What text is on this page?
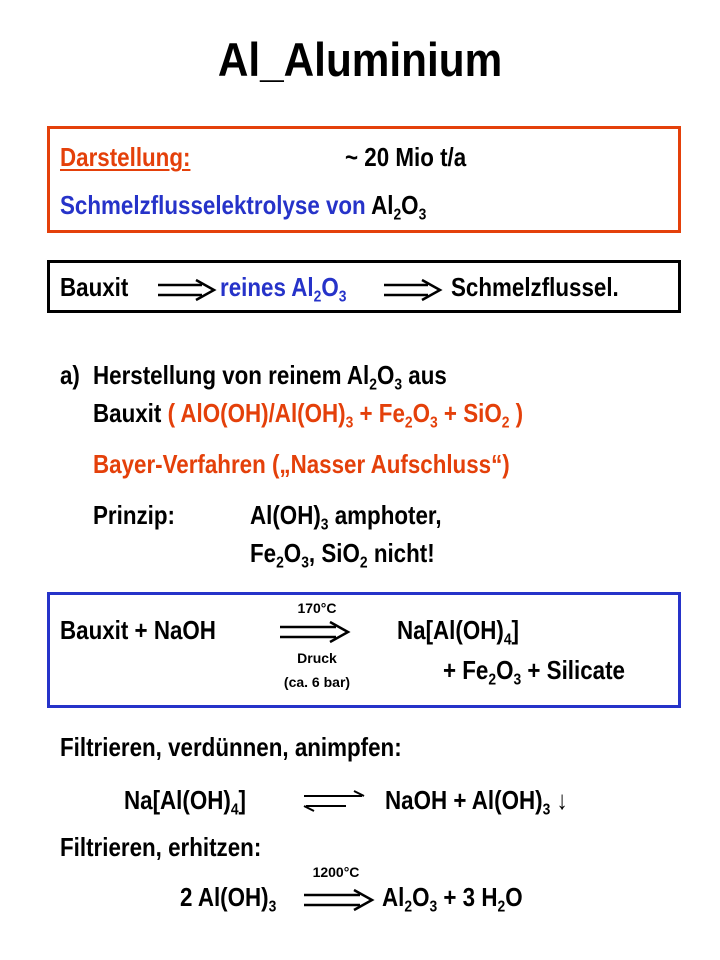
Al_Aluminium
Darstellung:	~ 20 Mio t/a
Schmelzflusselektrolyse von $Al_2O_3$
Bauxit	reines $Al_2O_3$	Schmelzflussel.
a) Herstellung von reinem $Al_2O_3$ aus
Bauxit ( $AlO(OH)/Al(OH)_3 + Fe_2O_3 + SiO_2$ )
Bayer-Verfahren („Nasser Aufschluss“)
Prinzip:	$Al(OH)_3$ amphoter,
$Fe_2O_3$, SiO$_2$ nicht!
Bauxit + NaOH
170°C
Druck
(ca. 6 bar)
$Na[Al(OH)_4]$
+ $Fe_2O_3$ + Silicate
Filtrieren, verdünnen, animpfen:
$Na[Al(OH)_4]$	⇌ NaOH + $Al(OH)_3$ ↓
Filtrieren, erhitzen:
1200°C
2 $Al(OH)_3$	$Al_2O_3 + 3$ $H_2O$
